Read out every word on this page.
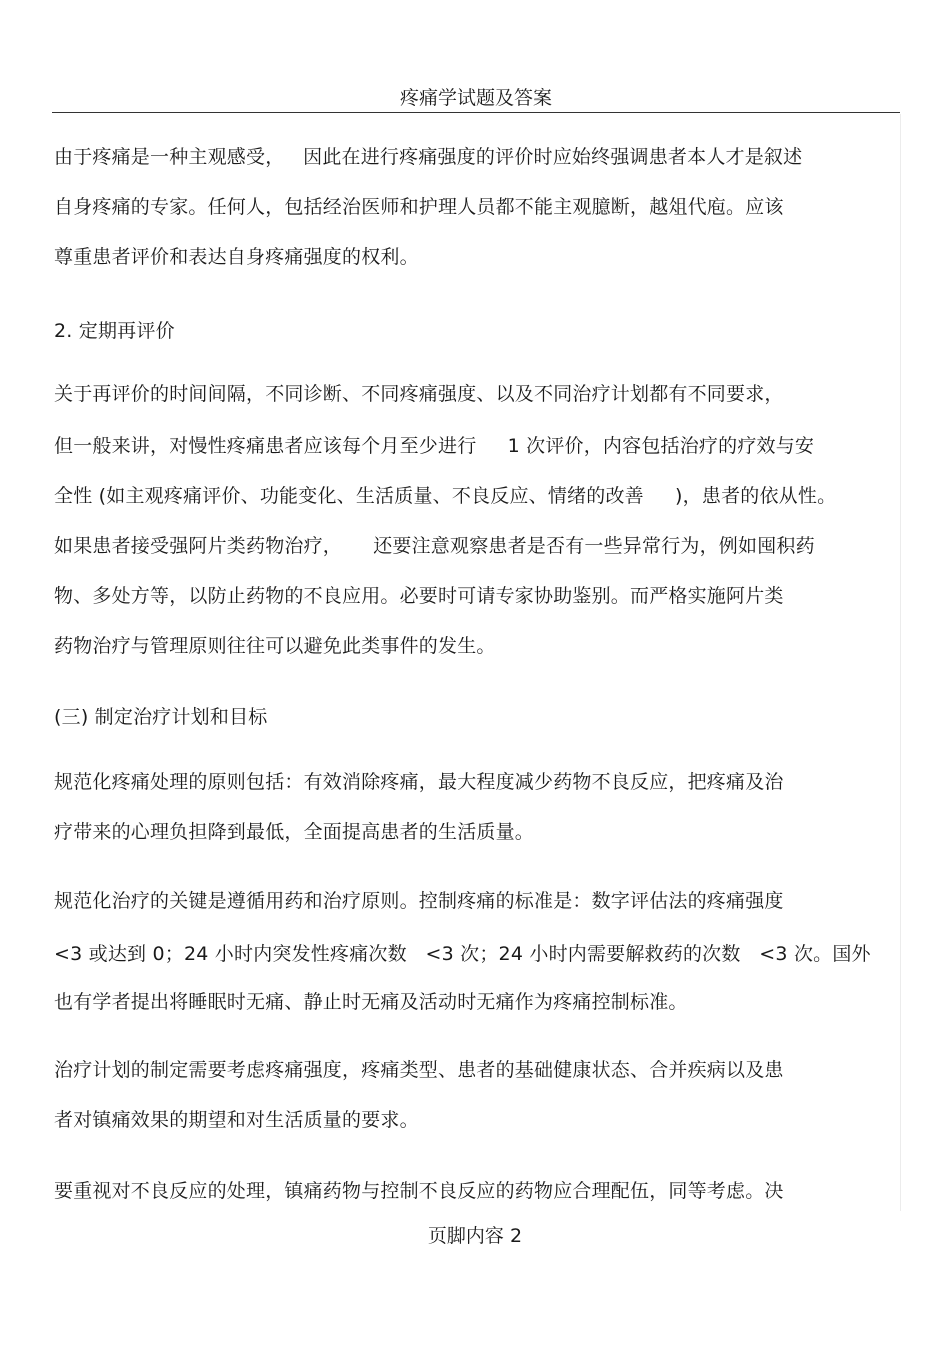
疼痛学试题及答案
由于疼痛是一种主观感受，   因此在进行疼痛强度的评价时应始终强调患者本人才是叙述
自身疼痛的专家。任何人，包括经治医师和护理人员都不能主观臆断，越俎代庖。应该
尊重患者评价和表达自身疼痛强度的权利。
2. 定期再评价
关于再评价的时间间隔，不同诊断、不同疼痛强度、以及不同治疗计划都有不同要求，
但一般来讲，对慢性疼痛患者应该每个月至少进行     1 次评价，内容包括治疗的疗效与安
全性 (如主观疼痛评价、功能变化、生活质量、不良反应、情绪的改善     )，患者的依从性。
如果患者接受强阿片类药物治疗，     还要注意观察患者是否有一些异常行为，例如囤积药
物、多处方等，以防止药物的不良应用。必要时可请专家协助鉴别。而严格实施阿片类
药物治疗与管理原则往往可以避免此类事件的发生。
(三) 制定治疗计划和目标
规范化疼痛处理的原则包括：有效消除疼痛，最大程度减少药物不良反应，把疼痛及治
疗带来的心理负担降到最低，全面提高患者的生活质量。
规范化治疗的关键是遵循用药和治疗原则。控制疼痛的标准是：数字评估法的疼痛强度
<3 或达到 0；24 小时内突发性疼痛次数   <3 次；24 小时内需要解救药的次数   <3 次。国外
也有学者提出将睡眠时无痛、静止时无痛及活动时无痛作为疼痛控制标准。
治疗计划的制定需要考虑疼痛强度，疼痛类型、患者的基础健康状态、合并疾病以及患
者对镇痛效果的期望和对生活质量的要求。
要重视对不良反应的处理，镇痛药物与控制不良反应的药物应合理配伍，同等考虑。决
页脚内容 2
